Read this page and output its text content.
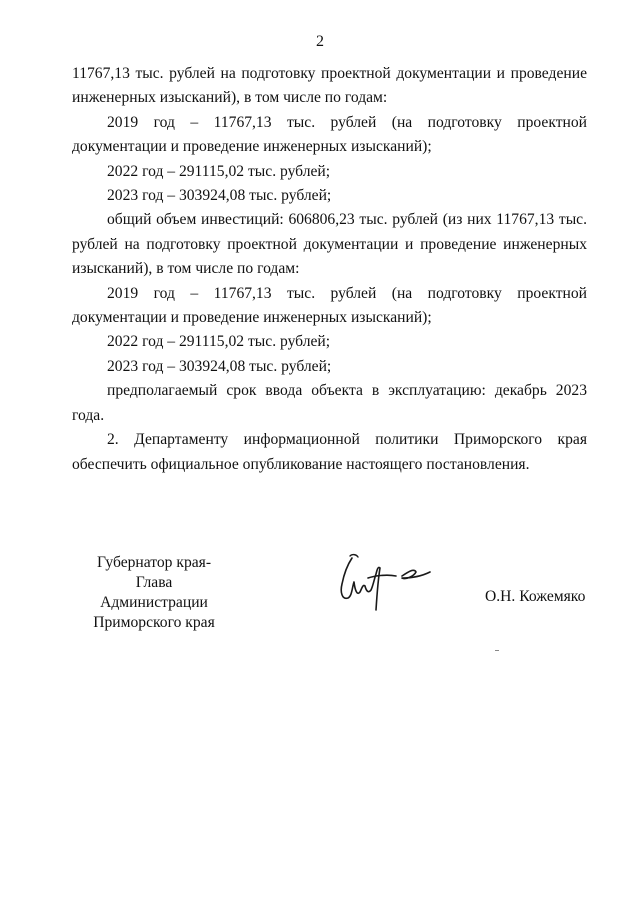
2

11767,13 тыс. рублей на подготовку проектной документации и проведение инженерных изысканий), в том числе по годам:

2019 год – 11767,13 тыс. рублей (на подготовку проектной документации и проведение инженерных изысканий);

2022 год – 291115,02 тыс. рублей;

2023 год – 303924,08 тыс. рублей;

общий объем инвестиций: 606806,23 тыс. рублей (из них 11767,13 тыс. рублей на подготовку проектной документации и проведение инженерных изысканий), в том числе по годам:

2019 год – 11767,13 тыс. рублей (на подготовку проектной документации и проведение инженерных изысканий);

2022 год – 291115,02 тыс. рублей;

2023 год – 303924,08 тыс. рублей;

предполагаемый срок ввода объекта в эксплуатацию: декабрь 2023 года.

2. Департаменту информационной политики Приморского края обеспечить официальное опубликование настоящего постановления.

Губернатор края-
Глава Администрации
Приморского края
О.Н. Кожемяко
